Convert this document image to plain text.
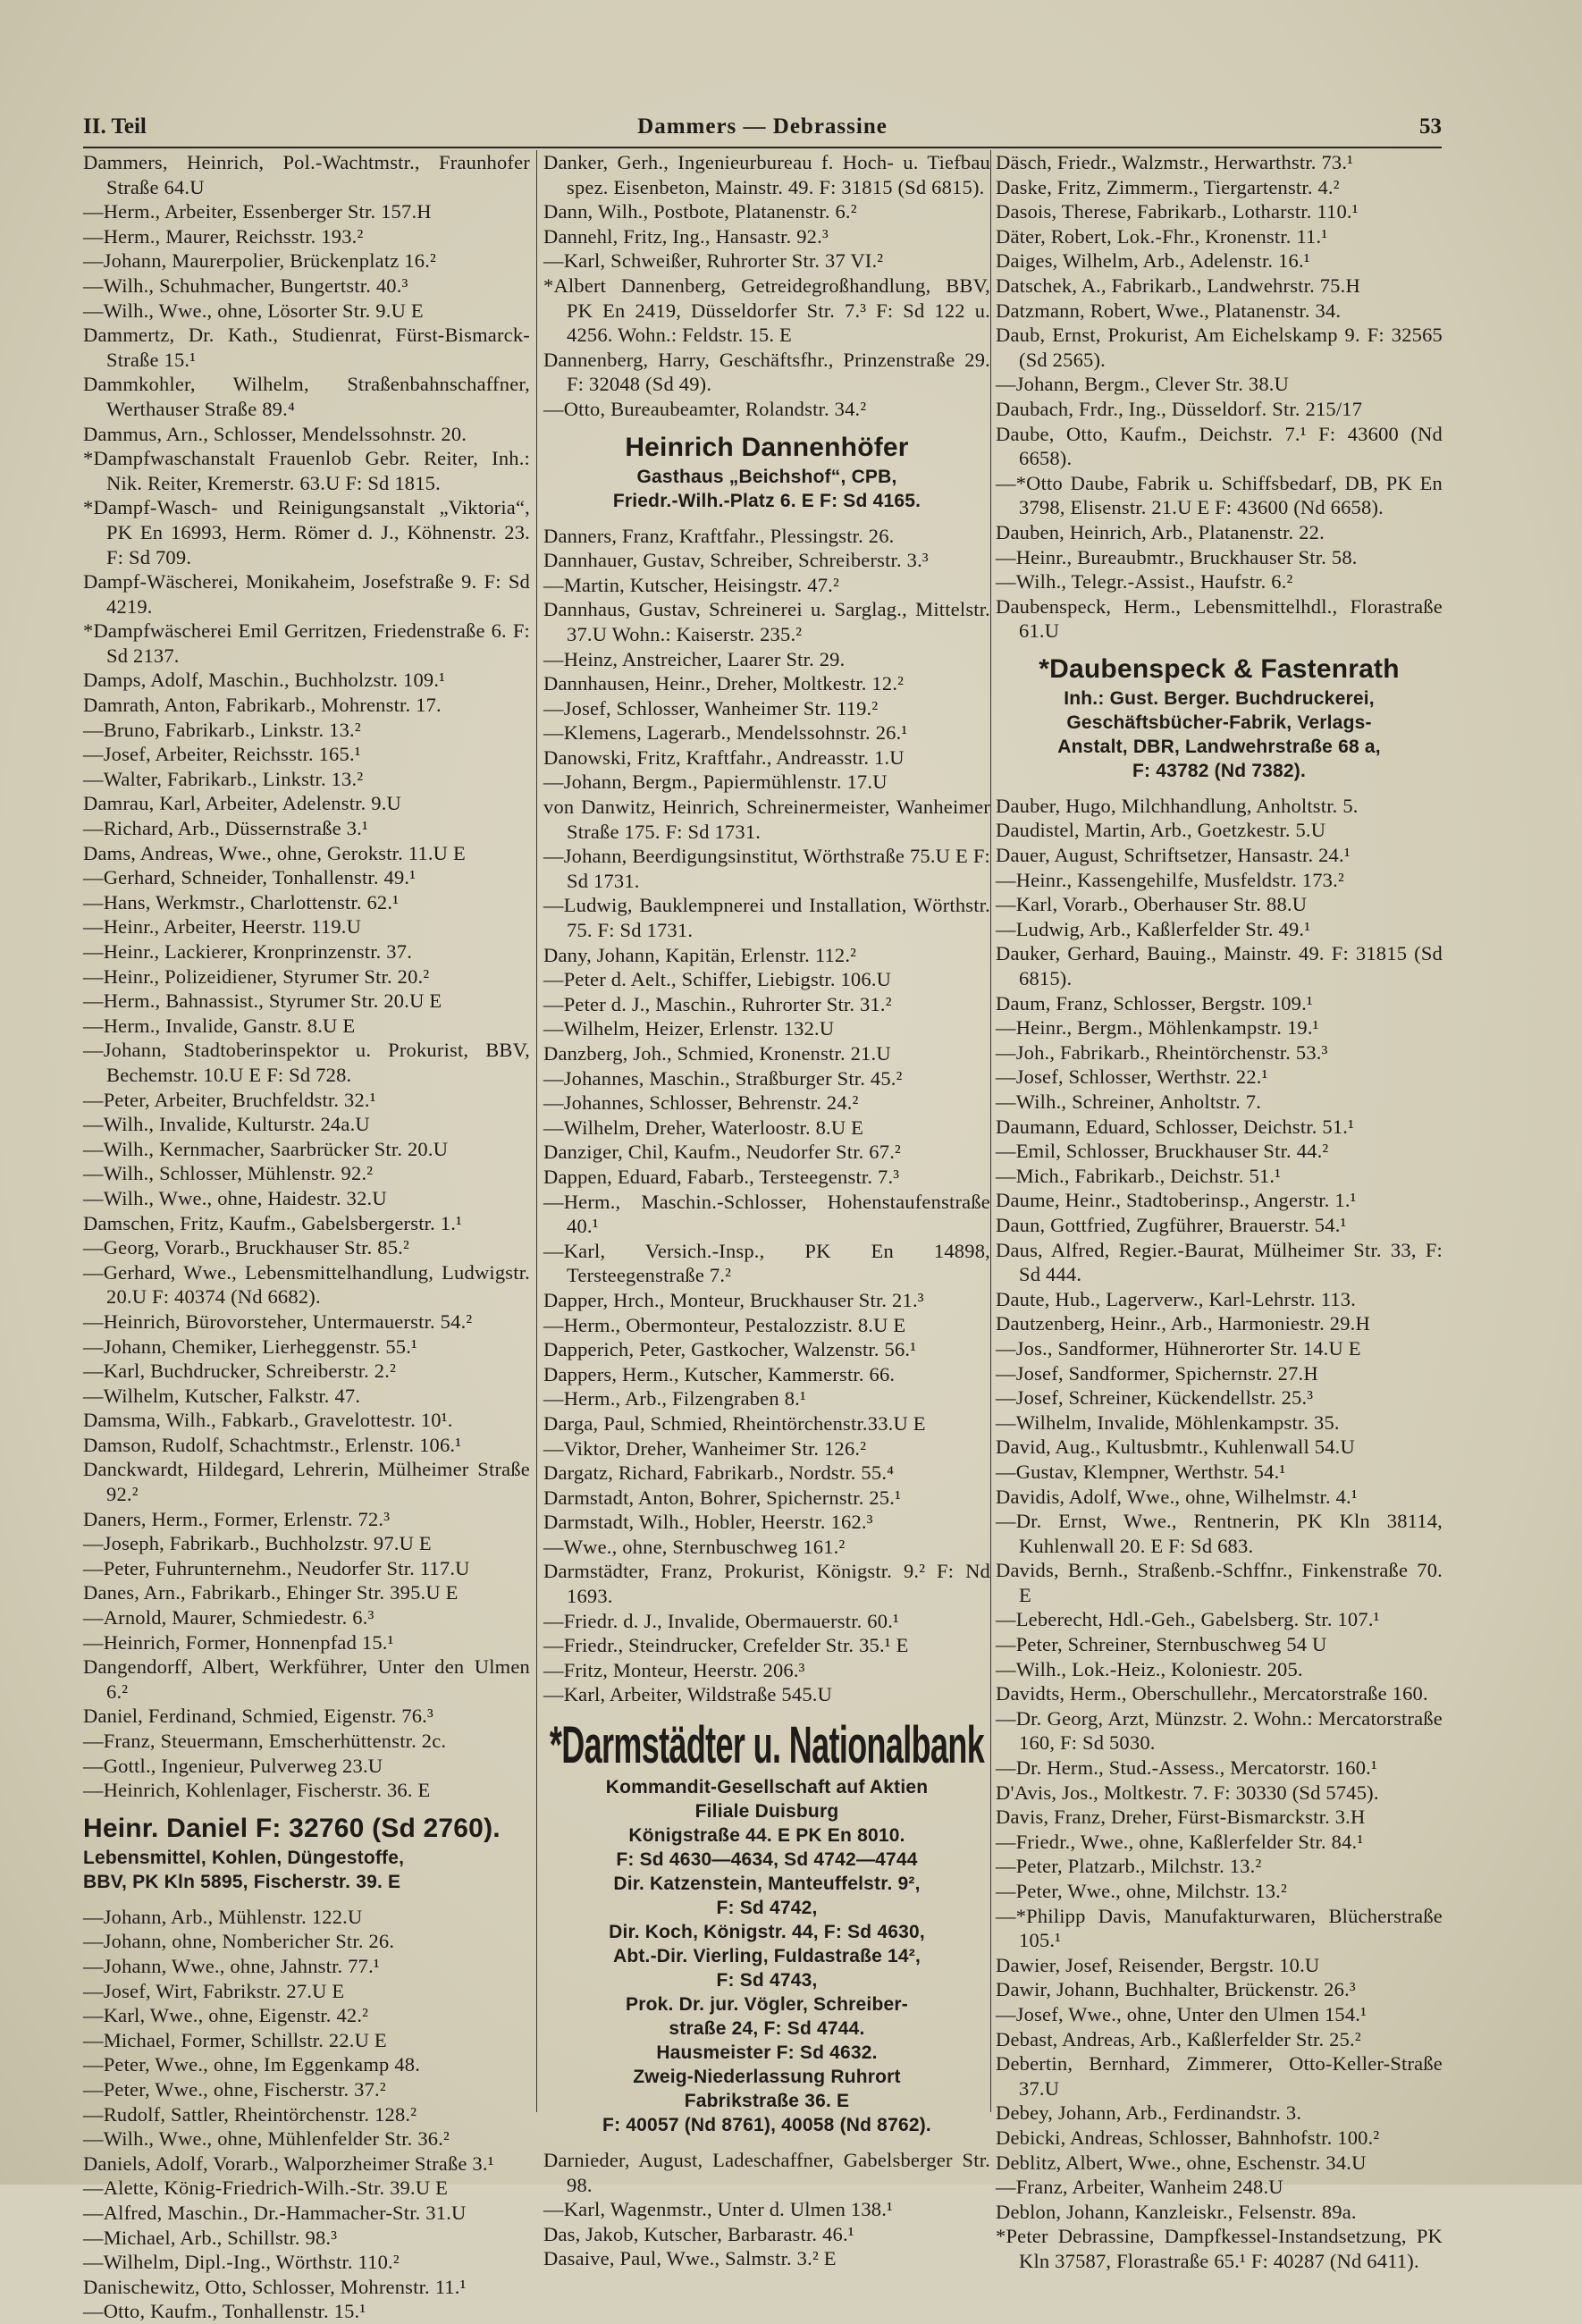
II. Teil	Dammers — Debrassine	53
Dammers, Heinrich, Pol.-Wachtmstr., Fraunhofer Straße 64.U
—Herm., Arbeiter, Essenberger Str. 157.H
—Herm., Maurer, Reichsstr. 193.²
—Johann, Maurerpolier, Brückenplatz 16.²
—Wilh., Schuhmacher, Bungertstr. 40.³
—Wilh., Wwe., ohne, Lösorter Str. 9.U E
Dammertz, Dr. Kath., Studienrat, Fürst-Bismarck-Straße 15.¹
Dammkohler, Wilhelm, Straßenbahnschaffner, Werthauser Straße 89.⁴
Dammus, Arn., Schlosser, Mendelssohnstr. 20.
*Dampfwaschanstalt Frauenlob Gebr. Reiter, Inh.: Nik. Reiter, Kremerstr. 63.U F: Sd 1815.
*Dampf-Wasch- und Reinigungsanstalt „Viktoria“, PK En 16993, Herm. Römer d. J., Köhnenstr. 23. F: Sd 709.
Dampf-Wäscherei, Monikaheim, Josefstraße 9. F: Sd 4219.
*Dampfwäscherei Emil Gerritzen, Friedenstraße 6. F: Sd 2137.
Damps, Adolf, Maschin., Buchholzstr. 109.¹
Damrath, Anton, Fabrikarb., Mohrenstr. 17.
—Bruno, Fabrikarb., Linkstr. 13.²
—Josef, Arbeiter, Reichsstr. 165.¹
—Walter, Fabrikarb., Linkstr. 13.²
Damrau, Karl, Arbeiter, Adelenstr. 9.U
—Richard, Arb., Düssernstraße 3.¹
Dams, Andreas, Wwe., ohne, Gerokstr. 11.U E
—Gerhard, Schneider, Tonhallenstr. 49.¹
—Hans, Werkmstr., Charlottenstr. 62.¹
—Heinr., Arbeiter, Heerstr. 119.U
—Heinr., Lackierer, Kronprinzenstr. 37.
—Heinr., Polizeidiener, Styrumer Str. 20.²
—Herm., Bahnassist., Styrumer Str. 20.U E
—Herm., Invalide, Ganstr. 8.U E
—Johann, Stadtoberinspektor u. Prokurist, BBV, Bechemstr. 10.U E F: Sd 728.
—Peter, Arbeiter, Bruchfeldstr. 32.¹
—Wilh., Invalide, Kulturstr. 24a.U
—Wilh., Kernmacher, Saarbrücker Str. 20.U
—Wilh., Schlosser, Mühlenstr. 92.²
—Wilh., Wwe., ohne, Haidestr. 32.U
Damschen, Fritz, Kaufm., Gabelsbergerstr. 1.¹
—Georg, Vorarb., Bruckhauser Str. 85.²
—Gerhard, Wwe., Lebensmittelhandlung, Ludwigstr. 20.U F: 40374 (Nd 6682).
—Heinrich, Bürovorsteher, Untermauerstr. 54.²
—Johann, Chemiker, Lierheggenstr. 55.¹
—Karl, Buchdrucker, Schreiberstr. 2.²
—Wilhelm, Kutscher, Falkstr. 47.
Damsma, Wilh., Fabkarb., Gravelottestr. 10¹.
Damson, Rudolf, Schachtmstr., Erlenstr. 106.¹
Danckwardt, Hildegard, Lehrerin, Mülheimer Straße 92.²
Daners, Herm., Former, Erlenstr. 72.³
—Joseph, Fabrikarb., Buchholzstr. 97.U E
—Peter, Fuhrunternehm., Neudorfer Str. 117.U
Danes, Arn., Fabrikarb., Ehinger Str. 395.U E
—Arnold, Maurer, Schmiedestr. 6.³
—Heinrich, Former, Honnenpfad 15.¹
Dangendorff, Albert, Werkführer, Unter den Ulmen 6.²
Daniel, Ferdinand, Schmied, Eigenstr. 76.³
—Franz, Steuermann, Emscherhüttenstr. 2c.
—Gottl., Ingenieur, Pulverweg 23.U
—Heinrich, Kohlenlager, Fischerstr. 36. E
Heinr. Daniel F: 32760 (Sd 2760).
Lebensmittel, Kohlen, Düngestoffe,
BBV, PK Kln 5895, Fischerstr. 39. E
—Johann, Arb., Mühlenstr. 122.U
—Johann, ohne, Nombericher Str. 26.
—Johann, Wwe., ohne, Jahnstr. 77.¹
—Josef, Wirt, Fabrikstr. 27.U E
—Karl, Wwe., ohne, Eigenstr. 42.²
—Michael, Former, Schillstr. 22.U E
—Peter, Wwe., ohne, Im Eggenkamp 48.
—Peter, Wwe., ohne, Fischerstr. 37.²
—Rudolf, Sattler, Rheintörchenstr. 128.²
—Wilh., Wwe., ohne, Mühlenfelder Str. 36.²
Daniels, Adolf, Vorarb., Walporzheimer Straße 3.¹
—Alette, König-Friedrich-Wilh.-Str. 39.U E
—Alfred, Maschin., Dr.-Hammacher-Str. 31.U
—Michael, Arb., Schillstr. 98.³
—Wilhelm, Dipl.-Ing., Wörthstr. 110.²
Danischewitz, Otto, Schlosser, Mohrenstr. 11.¹
—Otto, Kaufm., Tonhallenstr. 15.¹
Danker, Gerh., Ingenieurbureau f. Hoch- u. Tiefbau spez. Eisenbeton, Mainstr. 49. F: 31815 (Sd 6815).
Dann, Wilh., Postbote, Platanenstr. 6.²
Dannehl, Fritz, Ing., Hansastr. 92.³
—Karl, Schweißer, Ruhrorter Str. 37 VI.²
*Albert Dannenberg, Getreidegroßhandlung, BBV, PK En 2419, Düsseldorfer Str. 7.³ F: Sd 122 u. 4256. Wohn.: Feldstr. 15. E
Dannenberg, Harry, Geschäftsfhr., Prinzenstraße 29. F: 32048 (Sd 49).
—Otto, Bureaubeamter, Rolandstr. 34.²
Heinrich Dannenhöfer
Gasthaus „Beichshof“, CPB,
Friedr.-Wilh.-Platz 6. E F: Sd 4165.
Danners, Franz, Kraftfahr., Plessingstr. 26.
Dannhauer, Gustav, Schreiber, Schreiberstr. 3.³
—Martin, Kutscher, Heisingstr. 47.²
Dannhaus, Gustav, Schreinerei u. Sarglag., Mittelstr. 37.U Wohn.: Kaiserstr. 235.²
—Heinz, Anstreicher, Laarer Str. 29.
Dannhausen, Heinr., Dreher, Moltkestr. 12.²
—Josef, Schlosser, Wanheimer Str. 119.²
—Klemens, Lagerarb., Mendelssohnstr. 26.¹
Danowski, Fritz, Kraftfahr., Andreasstr. 1.U
—Johann, Bergm., Papiermühlenstr. 17.U
von Danwitz, Heinrich, Schreinermeister, Wanheimer Straße 175. F: Sd 1731.
—Johann, Beerdigungsinstitut, Wörthstraße 75.U E F: Sd 1731.
—Ludwig, Bauklempnerei und Installation, Wörthstr. 75. F: Sd 1731.
Dany, Johann, Kapitän, Erlenstr. 112.²
—Peter d. Aelt., Schiffer, Liebigstr. 106.U
—Peter d. J., Maschin., Ruhrorter Str. 31.²
—Wilhelm, Heizer, Erlenstr. 132.U
Danzberg, Joh., Schmied, Kronenstr. 21.U
—Johannes, Maschin., Straßburger Str. 45.²
—Johannes, Schlosser, Behrenstr. 24.²
—Wilhelm, Dreher, Waterloostr. 8.U E
Danziger, Chil, Kaufm., Neudorfer Str. 67.²
Dappen, Eduard, Fabarb., Tersteegenstr. 7.³
—Herm., Maschin.-Schlosser, Hohenstaufenstraße 40.¹
—Karl, Versich.-Insp., PK En 14898, Tersteegenstraße 7.²
Dapper, Hrch., Monteur, Bruckhauser Str. 21.³
—Herm., Obermonteur, Pestalozzistr. 8.U E
Dapperich, Peter, Gastkocher, Walzenstr. 56.¹
Dappers, Herm., Kutscher, Kammerstr. 66.
—Herm., Arb., Filzengraben 8.¹
Darga, Paul, Schmied, Rheintörchenstr.33.U E
—Viktor, Dreher, Wanheimer Str. 126.²
Dargatz, Richard, Fabrikarb., Nordstr. 55.⁴
Darmstadt, Anton, Bohrer, Spichernstr. 25.¹
Darmstadt, Wilh., Hobler, Heerstr. 162.³
—Wwe., ohne, Sternbuschweg 161.²
Darmstädter, Franz, Prokurist, Königstr. 9.² F: Nd 1693.
—Friedr. d. J., Invalide, Obermauerstr. 60.¹
—Friedr., Steindrucker, Crefelder Str. 35.¹ E
—Fritz, Monteur, Heerstr. 206.³
—Karl, Arbeiter, Wildstraße 545.U
*Darmstädter u. Nationalbank
Kommandit-Gesellschaft auf Aktien
Filiale Duisburg
Königstraße 44. E PK En 8010.
F: Sd 4630—4634, Sd 4742—4744
Dir. Katzenstein, Manteuffelstr. 9²,
F: Sd 4742,
Dir. Koch, Königstr. 44, F: Sd 4630,
Abt.-Dir. Vierling, Fuldastraße 14²,
F: Sd 4743,
Prok. Dr. jur. Vögler, Schreiber-
straße 24, F: Sd 4744.
Hausmeister F: Sd 4632.
Zweig-Niederlassung Ruhrort
Fabrikstraße 36. E
F: 40057 (Nd 8761), 40058 (Nd 8762).
Darnieder, August, Ladeschaffner, Gabelsberger Str. 98.
—Karl, Wagenmstr., Unter d. Ulmen 138.¹
Das, Jakob, Kutscher, Barbarastr. 46.¹
Dasaive, Paul, Wwe., Salmstr. 3.² E
Däsch, Friedr., Walzmstr., Herwarthstr. 73.¹
Daske, Fritz, Zimmerm., Tiergartenstr. 4.²
Dasois, Therese, Fabrikarb., Lotharstr. 110.¹
Däter, Robert, Lok.-Fhr., Kronenstr. 11.¹
Daiges, Wilhelm, Arb., Adelenstr. 16.¹
Datschek, A., Fabrikarb., Landwehrstr. 75.H
Datzmann, Robert, Wwe., Platanenstr. 34.
Daub, Ernst, Prokurist, Am Eichelskamp 9. F: 32565 (Sd 2565).
—Johann, Bergm., Clever Str. 38.U
Daubach, Frdr., Ing., Düsseldorf. Str. 215/17
Daube, Otto, Kaufm., Deichstr. 7.¹ F: 43600 (Nd 6658).
—*Otto Daube, Fabrik u. Schiffsbedarf, DB, PK En 3798, Elisenstr. 21.U E F: 43600 (Nd 6658).
Dauben, Heinrich, Arb., Platanenstr. 22.
—Heinr., Bureaubmtr., Bruckhauser Str. 58.
—Wilh., Telegr.-Assist., Haufstr. 6.²
Daubenspeck, Herm., Lebensmittelhdl., Florastraße 61.U
*Daubenspeck & Fastenrath
Inh.: Gust. Berger. Buchdruckerei,
Geschäftsbücher-Fabrik, Verlags-
Anstalt, DBR, Landwehrstraße 68 a,
F: 43782 (Nd 7382).
Dauber, Hugo, Milchhandlung, Anholtstr. 5.
Daudistel, Martin, Arb., Goetzkestr. 5.U
Dauer, August, Schriftsetzer, Hansastr. 24.¹
—Heinr., Kassengehilfe, Musfeldstr. 173.²
—Karl, Vorarb., Oberhauser Str. 88.U
—Ludwig, Arb., Kaßlerfelder Str. 49.¹
Dauker, Gerhard, Bauing., Mainstr. 49. F: 31815 (Sd 6815).
Daum, Franz, Schlosser, Bergstr. 109.¹
—Heinr., Bergm., Möhlenkampstr. 19.¹
—Joh., Fabrikarb., Rheintörchenstr. 53.³
—Josef, Schlosser, Werthstr. 22.¹
—Wilh., Schreiner, Anholtstr. 7.
Daumann, Eduard, Schlosser, Deichstr. 51.¹
—Emil, Schlosser, Bruckhauser Str. 44.²
—Mich., Fabrikarb., Deichstr. 51.¹
Daume, Heinr., Stadtoberinsp., Angerstr. 1.¹
Daun, Gottfried, Zugführer, Brauerstr. 54.¹
Daus, Alfred, Regier.-Baurat, Mülheimer Str. 33, F: Sd 444.
Daute, Hub., Lagerverw., Karl-Lehrstr. 113.
Dautzenberg, Heinr., Arb., Harmoniestr. 29.H
—Jos., Sandformer, Hühnerorter Str. 14.U E
—Josef, Sandformer, Spichernstr. 27.H
—Josef, Schreiner, Kückendellstr. 25.³
—Wilhelm, Invalide, Möhlenkampstr. 35.
David, Aug., Kultusbmtr., Kuhlenwall 54.U
—Gustav, Klempner, Werthstr. 54.¹
Davidis, Adolf, Wwe., ohne, Wilhelmstr. 4.¹
—Dr. Ernst, Wwe., Rentnerin, PK Kln 38114, Kuhlenwall 20. E F: Sd 683.
Davids, Bernh., Straßenb.-Schffnr., Finkenstraße 70. E
—Leberecht, Hdl.-Geh., Gabelsberg. Str. 107.¹
—Peter, Schreiner, Sternbuschweg 54 U
—Wilh., Lok.-Heiz., Koloniestr. 205.
Davidts, Herm., Oberschullehr., Mercatorstraße 160.
—Dr. Georg, Arzt, Münzstr. 2. Wohn.: Mercatorstraße 160, F: Sd 5030.
—Dr. Herm., Stud.-Assess., Mercatorstr. 160.¹
D'Avis, Jos., Moltkestr. 7. F: 30330 (Sd 5745).
Davis, Franz, Dreher, Fürst-Bismarckstr. 3.H
—Friedr., Wwe., ohne, Kaßlerfelder Str. 84.¹
—Peter, Platzarb., Milchstr. 13.²
—Peter, Wwe., ohne, Milchstr. 13.²
—*Philipp Davis, Manufakturwaren, Blücherstraße 105.¹
Dawier, Josef, Reisender, Bergstr. 10.U
Dawir, Johann, Buchhalter, Brückenstr. 26.³
—Josef, Wwe., ohne, Unter den Ulmen 154.¹
Debast, Andreas, Arb., Kaßlerfelder Str. 25.²
Debertin, Bernhard, Zimmerer, Otto-Keller-Straße 37.U
Debey, Johann, Arb., Ferdinandstr. 3.
Debicki, Andreas, Schlosser, Bahnhofstr. 100.²
Deblitz, Albert, Wwe., ohne, Eschenstr. 34.U
—Franz, Arbeiter, Wanheim 248.U
Deblon, Johann, Kanzleiskr., Felsenstr. 89a.
*Peter Debrassine, Dampfkessel-Instandsetzung, PK Kln 37587, Florastraße 65.¹ F: 40287 (Nd 6411).
